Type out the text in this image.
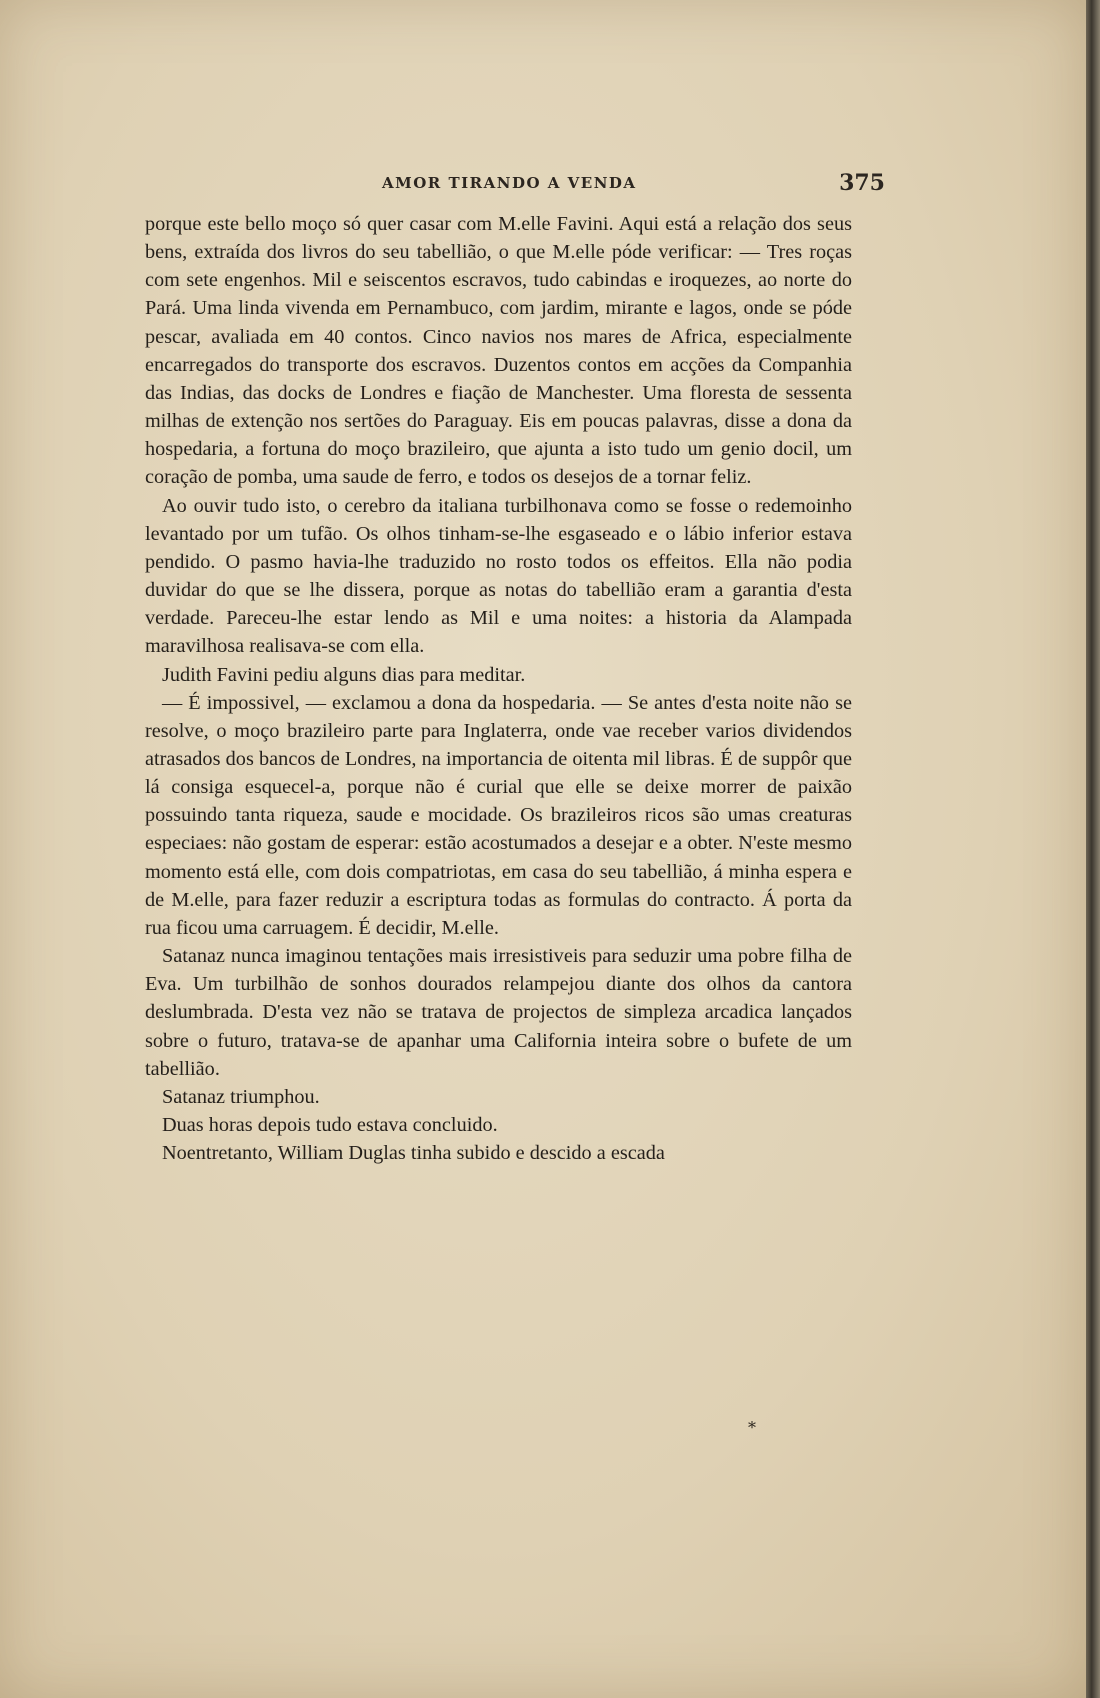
AMOR TIRANDO A VENDA	375

porque este bello moço só quer casar com M.elle Favini. Aqui está a relação dos seus bens, extraída dos livros do seu tabellião, o que M.elle póde verificar: — Tres roças com sete engenhos. Mil e seiscentos escravos, tudo cabindas e iroquezes, ao norte do Pará. Uma linda vivenda em Pernambuco, com jardim, mirante e lagos, onde se póde pescar, avaliada em 40 contos. Cinco navios nos mares de Africa, especialmente encarregados do transporte dos escravos. Duzentos contos em acções da Companhia das Indias, das docks de Londres e fiação de Manchester. Uma floresta de sessenta milhas de extenção nos sertões do Paraguay. Eis em poucas palavras, disse a dona da hospedaria, a fortuna do moço brazileiro, que ajunta a isto tudo um genio docil, um coração de pomba, uma saude de ferro, e todos os desejos de a tornar feliz.

Ao ouvir tudo isto, o cerebro da italiana turbilhonava como se fosse o redemoinho levantado por um tufão. Os olhos tinham-se-lhe esgaseado e o lábio inferior estava pendido. O pasmo havia-lhe traduzido no rosto todos os effeitos. Ella não podia duvidar do que se lhe dissera, porque as notas do tabellião eram a garantia d'esta verdade. Pareceu-lhe estar lendo as Mil e uma noites: a historia da Alampada maravilhosa realisava-se com ella.

Judith Favini pediu alguns dias para meditar.

— É impossivel, — exclamou a dona da hospedaria. — Se antes d'esta noite não se resolve, o moço brazileiro parte para Inglaterra, onde vae receber varios dividendos atrasados dos bancos de Londres, na importancia de oitenta mil libras. É de suppôr que lá consiga esquecel-a, porque não é curial que elle se deixe morrer de paixão possuindo tanta riqueza, saude e mocidade. Os brazileiros ricos são umas creaturas especiaes: não gostam de esperar: estão acostumados a desejar e a obter. N'este mesmo momento está elle, com dois compatriotas, em casa do seu tabellião, á minha espera e de M.elle, para fazer reduzir a escriptura todas as formulas do contracto. Á porta da rua ficou uma carruagem. É decidir, M.elle.

Satanaz nunca imaginou tentações mais irresistiveis para seduzir uma pobre filha de Eva. Um turbilhão de sonhos dourados relampejou diante dos olhos da cantora deslumbrada. D'esta vez não se tratava de projectos de simpleza arcadica lançados sobre o futuro, tratava-se de apanhar uma California inteira sobre o bufete de um tabellião.

Satanaz triumphou.

Duas horas depois tudo estava concluido.

Noentretanto, William Duglas tinha subido e descido a escada

*
